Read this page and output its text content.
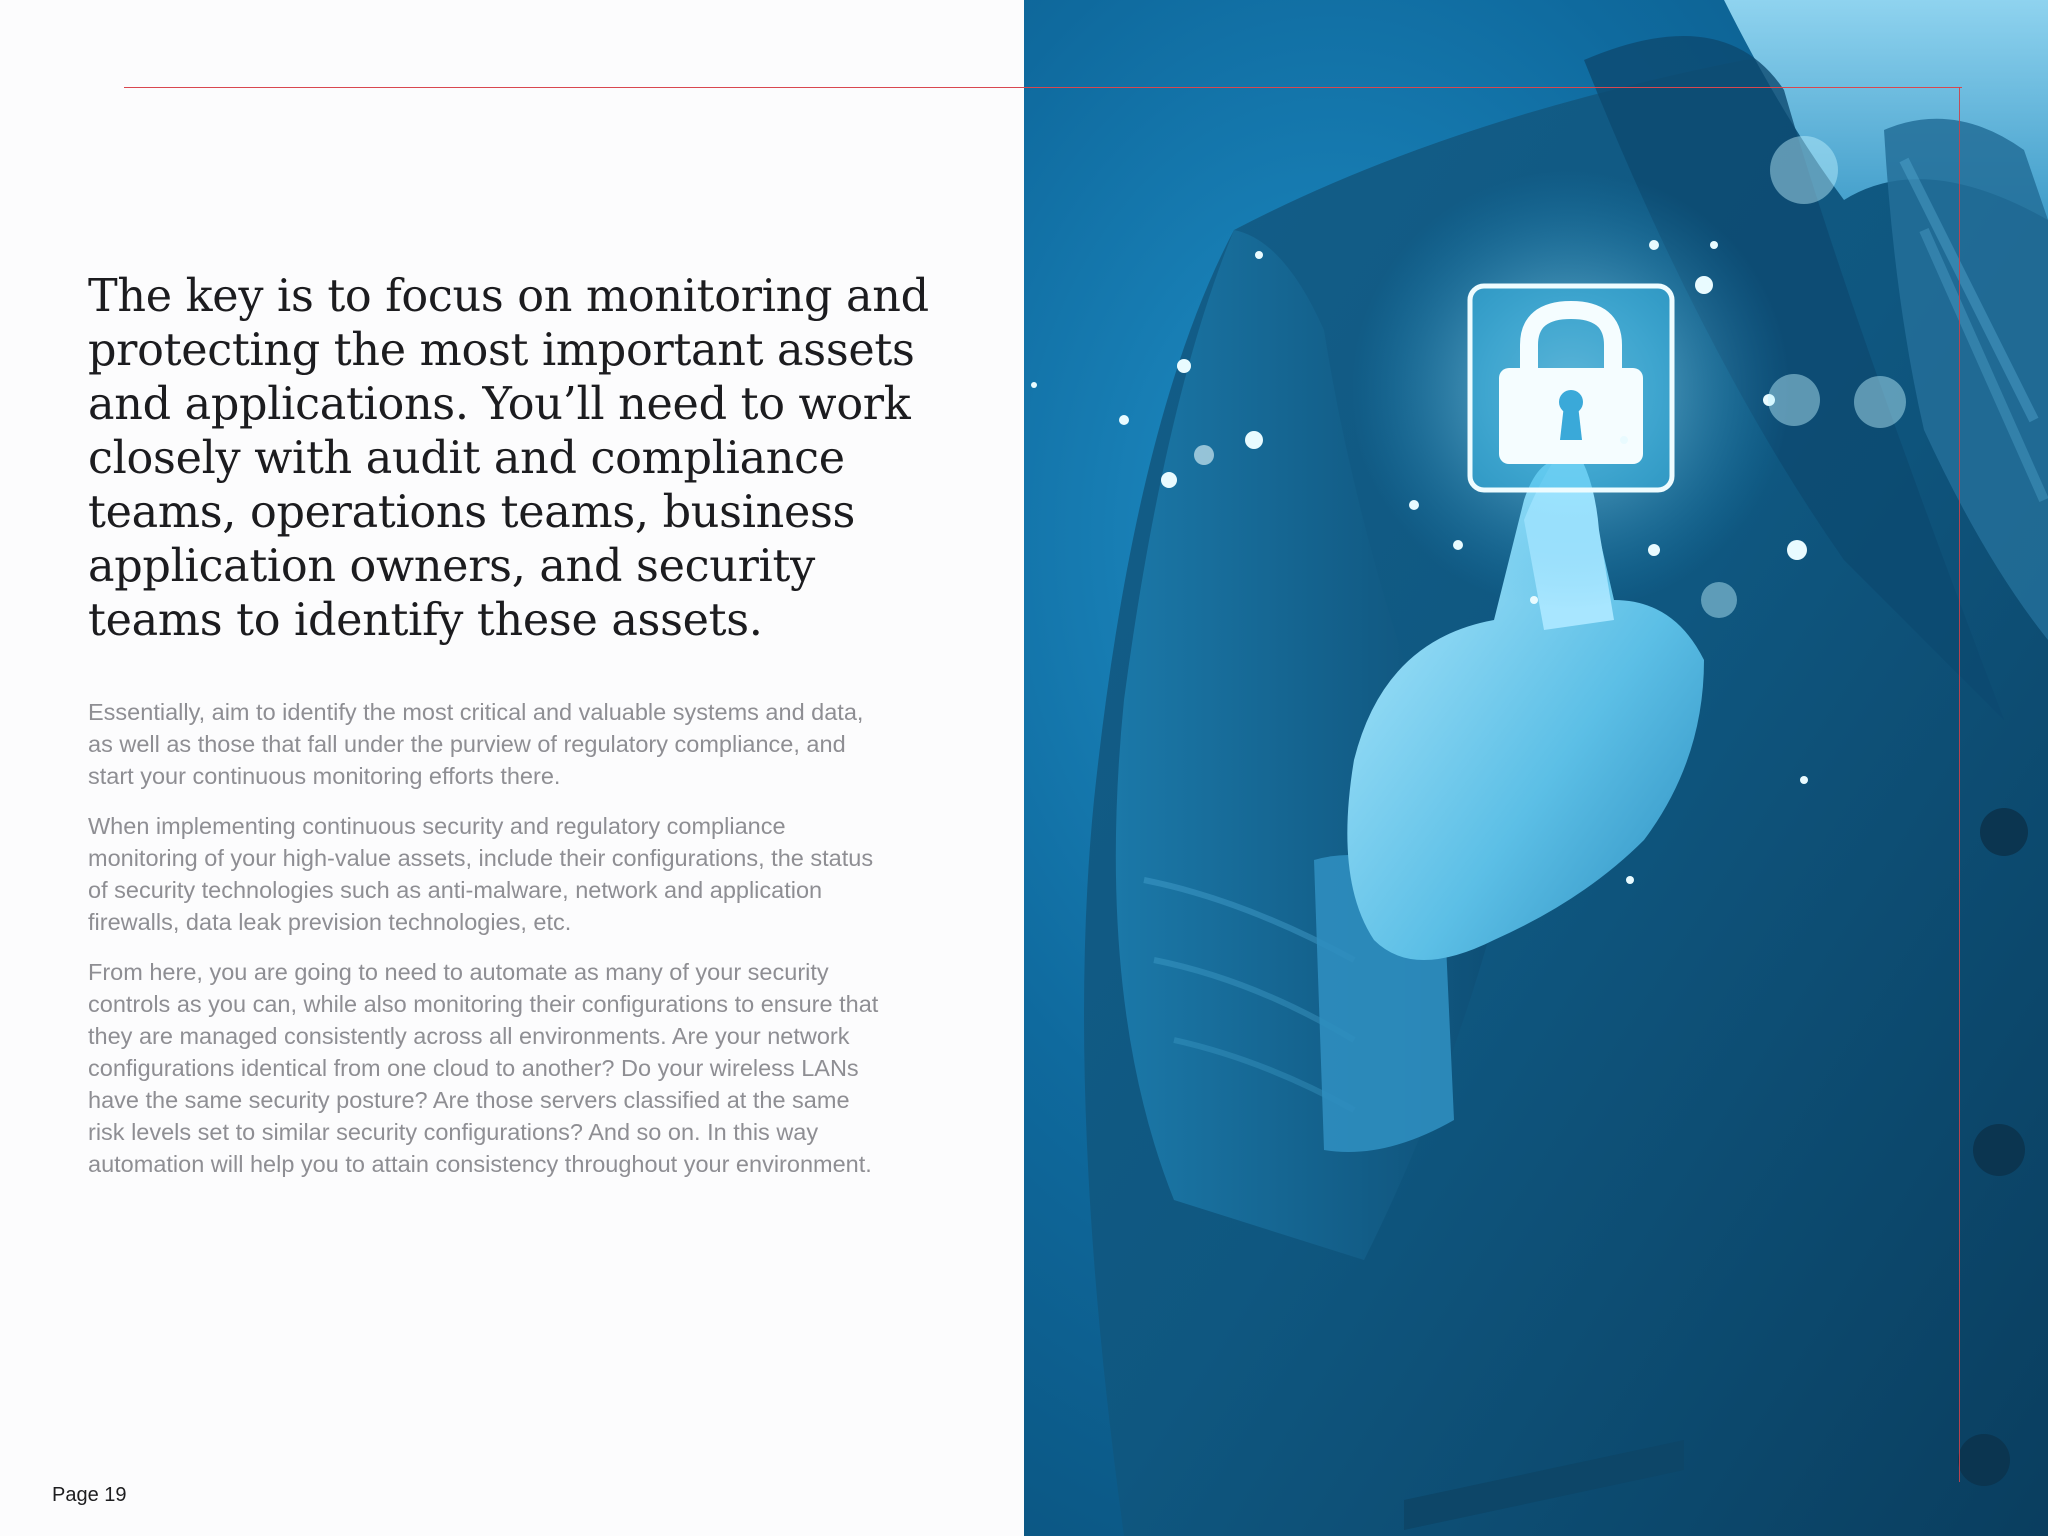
The key is to focus on monitoring and protecting the most important assets and applications. You’ll need to work closely with audit and compliance teams, operations teams, business application owners, and security teams to identify these assets.

Essentially, aim to identify the most critical and valuable systems and data, as well as those that fall under the purview of regulatory compliance, and start your continuous monitoring efforts there.

When implementing continuous security and regulatory compliance monitoring of your high-value assets, include their configurations, the status of security technologies such as anti-malware, network and application firewalls, data leak prevision technologies, etc.

From here, you are going to need to automate as many of your security controls as you can, while also monitoring their configurations to ensure that they are managed consistently across all environments. Are your network configurations identical from one cloud to another? Do your wireless LANs have the same security posture? Are those servers classified at the same risk levels set to similar security configurations? And so on. In this way automation will help you to attain consistency throughout your environment.

Page 19
